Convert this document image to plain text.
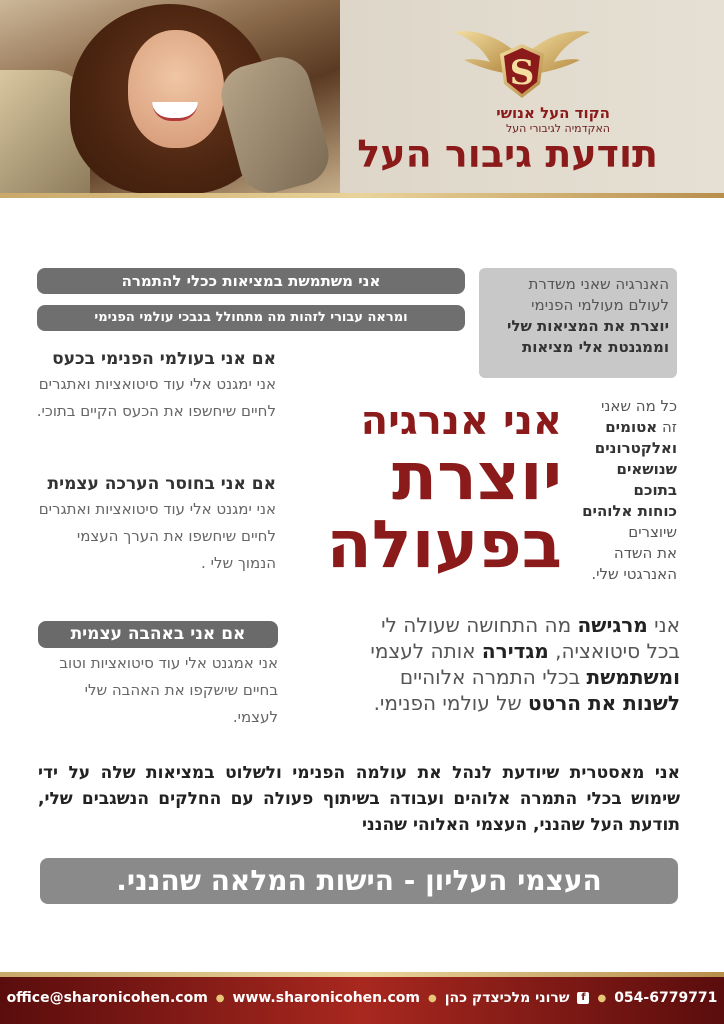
S
הקוד העל אנושי
האקדמיה לגיבורי העל
תודעת גיבור העל
אני משתמשת במציאות ככלי להתמרה
ומראה עבורי לזהות מה מתחולל בנבכי עולמי הפנימי
האנרגיה שאני משדרת
לעולם מעולמי הפנימי
יוצרת את המציאות שלי
וממגנטת אלי מציאות
אם אני בעולמי הפנימי בכעס

אני ימגנט אלי עוד סיטואציות ואתגרים לחיים שיחשפו את הכעס הקיים בתוכי.

אם אני בחוסר הערכה עצמית

אני ימגנט אלי עוד סיטואציות ואתגרים לחיים שיחשפו את הערך העצמי הנמוך שלי .

אני אנרגיה
יוצרת
בפעולה
כל מה שאני
זה אטומים
ואלקטרונים
שנושאים
בתוכם
כוחות אלוהים
שיוצרים
את השדה
האנרגטי שלי.
אם אני באהבה עצמית
אני אמגנט אלי עוד סיטואציות וטוב בחיים שישקפו את האהבה שלי לעצמי.
אני מרגישה מה התחושה שעולה לי
בכל סיטואציה, מגדירה אותה לעצמי
ומשתמשת בכלי התמרה אלוהיים
לשנות את הרטט של עולמי הפנימי.
אני מאסטרית שיודעת לנהל את עולמה הפנימי ולשלוט במציאות שלה על ידי שימוש בכלי התמרה אלוהים ועבודה בשיתוף פעולה עם החלקים הנשגבים שלי, תודעת העל שהנני, העצמי האלוהי שהנני
העצמי העליון - הישות המלאה שהנני.
office@sharonicohen.com ● www.sharonicohen.com ● שרוני מלכיצדק כהן	f	● 054-6779771
